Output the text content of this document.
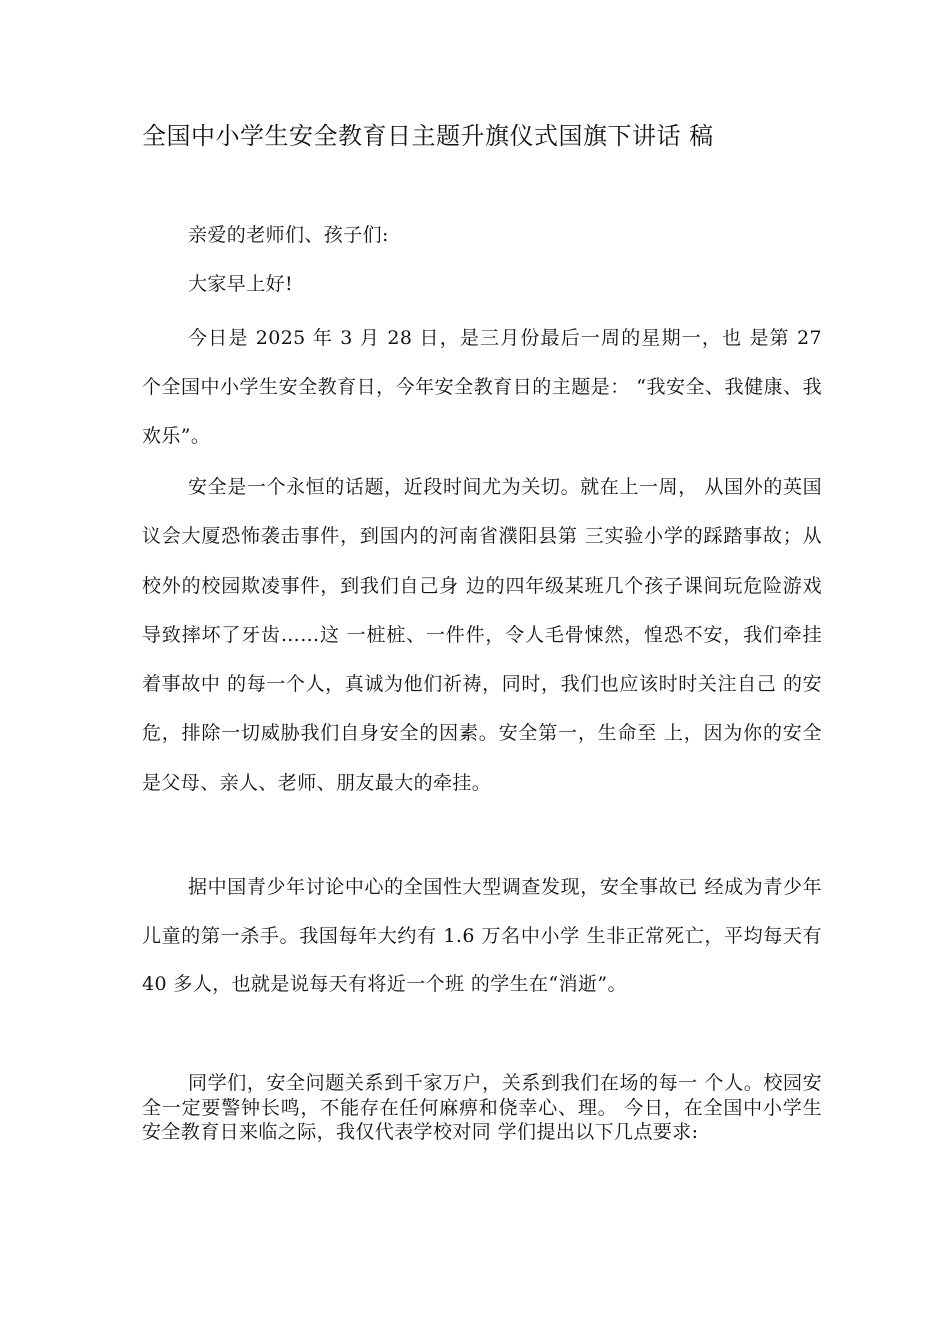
全国中小学生安全教育日主题升旗仪式国旗下讲话 稿

亲爱的老师们、孩子们:

大家早上好!

今日是 2025 年 3 月 28 日，是三月份最后一周的星期一，也 是第 27 个全国中小学生安全教育日，今年安全教育日的主题是： “我安全、我健康、我欢乐”。

安全是一个永恒的话题，近段时间尤为关切。就在上一周， 从国外的英国议会大厦恐怖袭击事件，到国内的河南省濮阳县第 三实验小学的踩踏事故；从校外的校园欺凌事件，到我们自己身 边的四年级某班几个孩子课间玩危险游戏导致摔坏了牙齿……这 一桩桩、一件件，令人毛骨悚然，惶恐不安，我们牵挂着事故中 的每一个人，真诚为他们祈祷，同时，我们也应该时时关注自己 的安危，排除一切威胁我们自身安全的因素。安全第一，生命至 上，因为你的安全是父母、亲人、老师、朋友最大的牵挂。

据中国青少年讨论中心的全国性大型调查发现，安全事故已 经成为青少年儿童的第一杀手。我国每年大约有 1.6 万名中小学 生非正常死亡，平均每天有 40 多人，也就是说每天有将近一个班 的学生在“消逝”。

同学们，安全问题关系到千家万户，关系到我们在场的每一 个人。校园安全一定要警钟长鸣，不能存在任何麻痹和侥幸心、理。 今日，在全国中小学生安全教育日来临之际，我仅代表学校对同 学们提出以下几点要求:
